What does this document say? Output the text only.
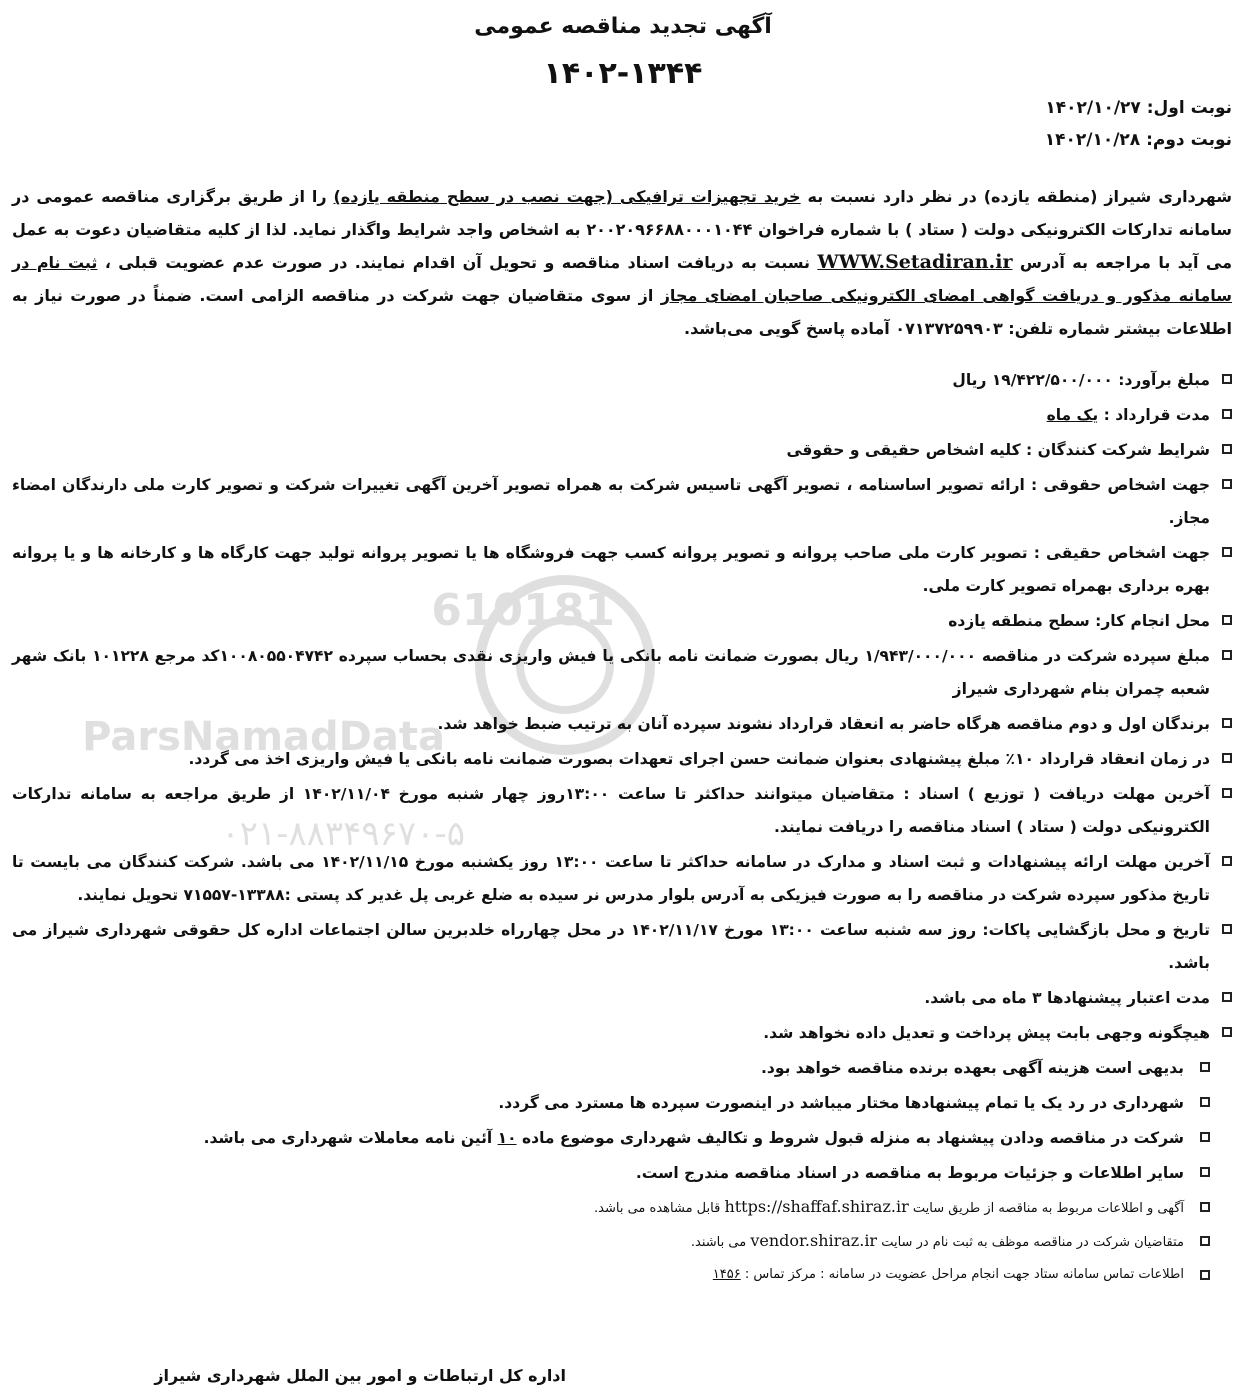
610181
ParsNamadData
۰۲۱-۸۸۳۴۹۶۷۰-۵
آگهی تجدید مناقصه عمومی
۱۴۰۲-۱۳۴۴
نوبت اول: ۱۴۰۲/۱۰/۲۷
نوبت دوم: ۱۴۰۲/۱۰/۲۸
شهرداری شیراز (منطقه یازده) در نظر دارد نسبت به خرید تجهیزات ترافیکی (جهت نصب در سطح منطقه یازده) را از طریق برگزاری مناقصه عمومی در سامانه تدارکات الکترونیکی دولت ( ستاد ) با شماره فراخوان ۲۰۰۲۰۹۶۶۸۸۰۰۰۱۰۴۴ به اشخاص واجد شرایط واگذار نماید. لذا از کلیه متقاضیان دعوت به عمل می آید با مراجعه به آدرس WWW.Setadiran.ir نسبت به دریافت اسناد مناقصه و تحویل آن اقدام نمایند. در صورت عدم عضویت قبلی ، ثبت نام در سامانه مذکور و دریافت گواهی امضای الکترونیکی صاحبان امضای مجاز از سوی متقاضیان جهت شرکت در مناقصه الزامی است. ضمناً در صورت نیاز به اطلاعات بیشتر شماره تلفن: ۰۷۱۳۷۲۵۹۹۰۳ آماده پاسخ گویی می‌باشد.
مبلغ برآورد: ۱۹/۴۲۲/۵۰۰/۰۰۰ ریال
مدت قرارداد : یک ماه
شرایط شرکت کنندگان : کلیه اشخاص حقیقی و حقوقی
جهت اشخاص حقوقی : ارائه تصویر اساسنامه ، تصویر آگهی تاسیس شرکت به همراه تصویر آخرین آگهی تغییرات شرکت و تصویر کارت ملی دارندگان امضاء مجاز.
جهت اشخاص حقیقی : تصویر کارت ملی صاحب پروانه و تصویر پروانه کسب جهت فروشگاه ها یا تصویر پروانه تولید جهت کارگاه ها و کارخانه ها و یا پروانه بهره برداری بهمراه تصویر کارت ملی.
محل انجام کار: سطح منطقه یازده
مبلغ سپرده شرکت در مناقصه ۱/۹۴۳/۰۰۰/۰۰۰ ریال بصورت ضمانت نامه بانکی یا فیش واریزی نقدی بحساب سپرده ۱۰۰۸۰۵۵۰۴۷۴۲کد مرجع ۱۰۱۲۲۸ بانک شهر شعبه چمران بنام شهرداری شیراز
برندگان اول و دوم مناقصه هرگاه حاضر به انعقاد قرارداد نشوند سپرده آنان به ترتیب ضبط خواهد شد.
در زمان انعقاد قرارداد ۱۰٪ مبلغ پیشنهادی بعنوان ضمانت حسن اجرای تعهدات بصورت ضمانت نامه بانکی یا فیش واریزی اخذ می گردد.
آخرین مهلت دریافت ( توزیع ) اسناد : متقاضیان میتوانند حداکثر تا ساعت ۱۳:۰۰روز چهار شنبه مورخ ۱۴۰۲/۱۱/۰۴ از طریق مراجعه به سامانه تدارکات الکترونیکی دولت ( ستاد ) اسناد مناقصه را دریافت نمایند.
آخرین مهلت ارائه پیشنهادات و ثبت اسناد و مدارک در سامانه حداکثر تا ساعت ۱۳:۰۰ روز یکشنبه مورخ ۱۴۰۲/۱۱/۱۵ می باشد. شرکت کنندگان می بایست تا تاریخ مذکور سپرده شرکت در مناقصه را به صورت فیزیکی به آدرس بلوار مدرس نر سیده به ضلع غربی پل غدیر کد پستی :۱۳۳۸۸-۷۱۵۵۷ تحویل نمایند.
تاریخ و محل بازگشایی پاکات: روز سه شنبه ساعت ۱۳:۰۰ مورخ ۱۴۰۲/۱۱/۱۷ در محل چهارراه خلدبرین سالن اجتماعات اداره کل حقوقی شهرداری شیراز می باشد.
مدت اعتبار پیشنهادها ۳ ماه می باشد.
هیچگونه وجهی بابت پیش پرداخت و تعدیل داده نخواهد شد.
بدیهی است هزینه آگهی بعهده برنده مناقصه خواهد بود.
شهرداری در رد یک یا تمام پیشنهادها مختار میباشد در اینصورت سپرده ها مسترد می گردد.
شرکت در مناقصه ودادن پیشنهاد به منزله قبول شروط و تکالیف شهرداری موضوع ماده ۱۰ آئین نامه معاملات شهرداری می باشد.
سایر اطلاعات و جزئیات مربوط به مناقصه در اسناد مناقصه مندرج است.
آگهی و اطلاعات مربوط به مناقصه از طریق سایت https://shaffaf.shiraz.ir قابل مشاهده می باشد.
متقاضیان شرکت در مناقصه موظف به ثبت نام در سایت vendor.shiraz.ir می باشند.
اطلاعات تماس سامانه ستاد جهت انجام مراحل عضویت در سامانه : مرکز تماس : ۱۴۵۶
اداره کل ارتباطات و امور بین الملل شهرداری شیراز
